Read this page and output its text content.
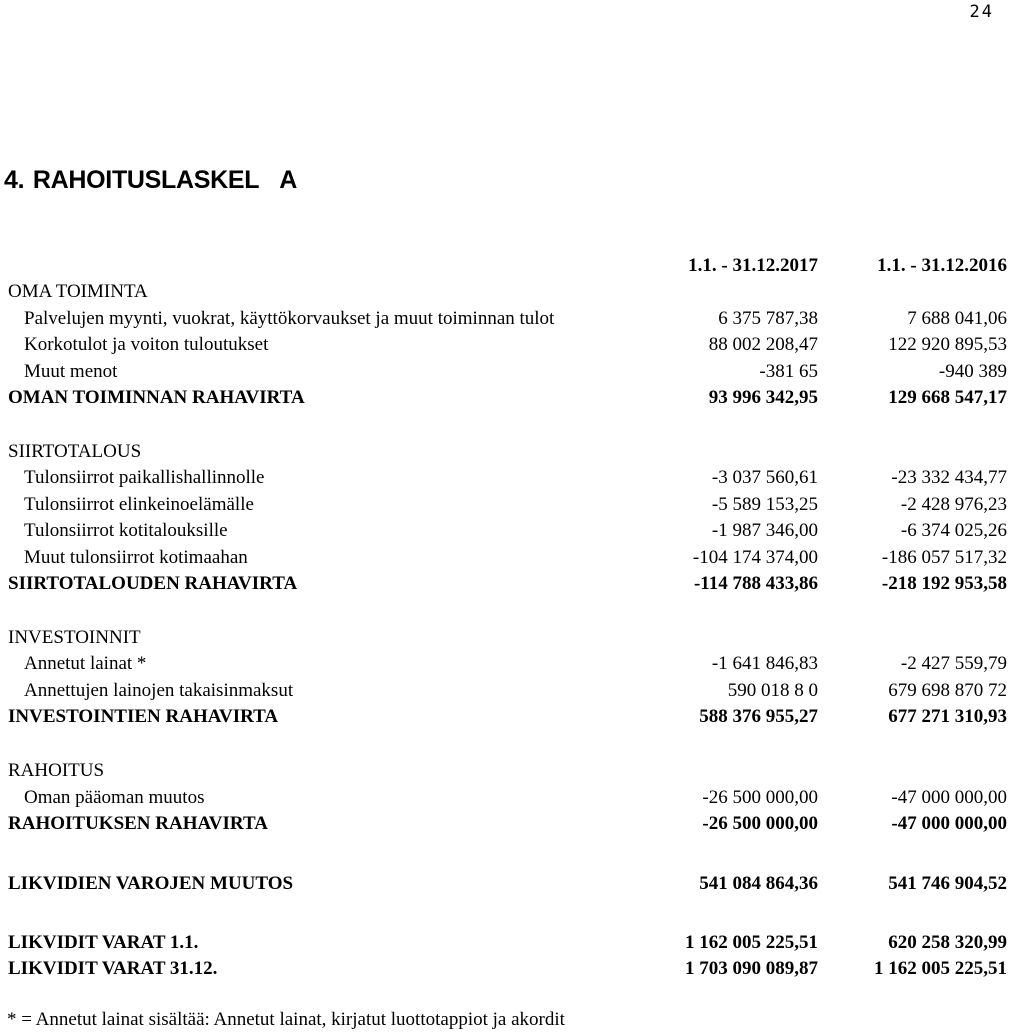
24
4. RAHOITUSLASKEL A
1.1. - 31.12.2017	1.1. - 31.12.2016
OMA TOIMINTA
Palvelujen myynti, vuokrat, käyttökorvaukset ja muut toiminnan tulot	6 375 787,38	7 688 041,06
Korkotulot ja voiton tuloutukset	88 002 208,47	122 920 895,53
Muut menot	-381 65	-940 389
OMAN TOIMINNAN RAHAVIRTA	93 996 342,95	129 668 547,17
SIIRTOTALOUS
Tulonsiirrot paikallishallinnolle	-3 037 560,61	-23 332 434,77
Tulonsiirrot elinkeinoelämälle	-5 589 153,25	-2 428 976,23
Tulonsiirrot kotitalouksille	-1 987 346,00	-6 374 025,26
Muut tulonsiirrot kotimaahan	-104 174 374,00	-186 057 517,32
SIIRTOTALOUDEN RAHAVIRTA	-114 788 433,86	-218 192 953,58
INVESTOINNIT
Annetut lainat *	-1 641 846,83	-2 427 559,79
Annettujen lainojen takaisinmaksut	590 018 8 0	679 698 870 72
INVESTOINTIEN RAHAVIRTA	588 376 955,27	677 271 310,93
RAHOITUS
Oman pääoman muutos	-26 500 000,00	-47 000 000,00
RAHOITUKSEN RAHAVIRTA	-26 500 000,00	-47 000 000,00
LIKVIDIEN VAROJEN MUUTOS	541 084 864,36	541 746 904,52
LIKVIDIT VARAT 1.1.	1 162 005 225,51	620 258 320,99
LIKVIDIT VARAT 31.12.	1 703 090 089,87	1 162 005 225,51
* = Annetut lainat sisältää: Annetut lainat, kirjatut luottotappiot ja akordit
